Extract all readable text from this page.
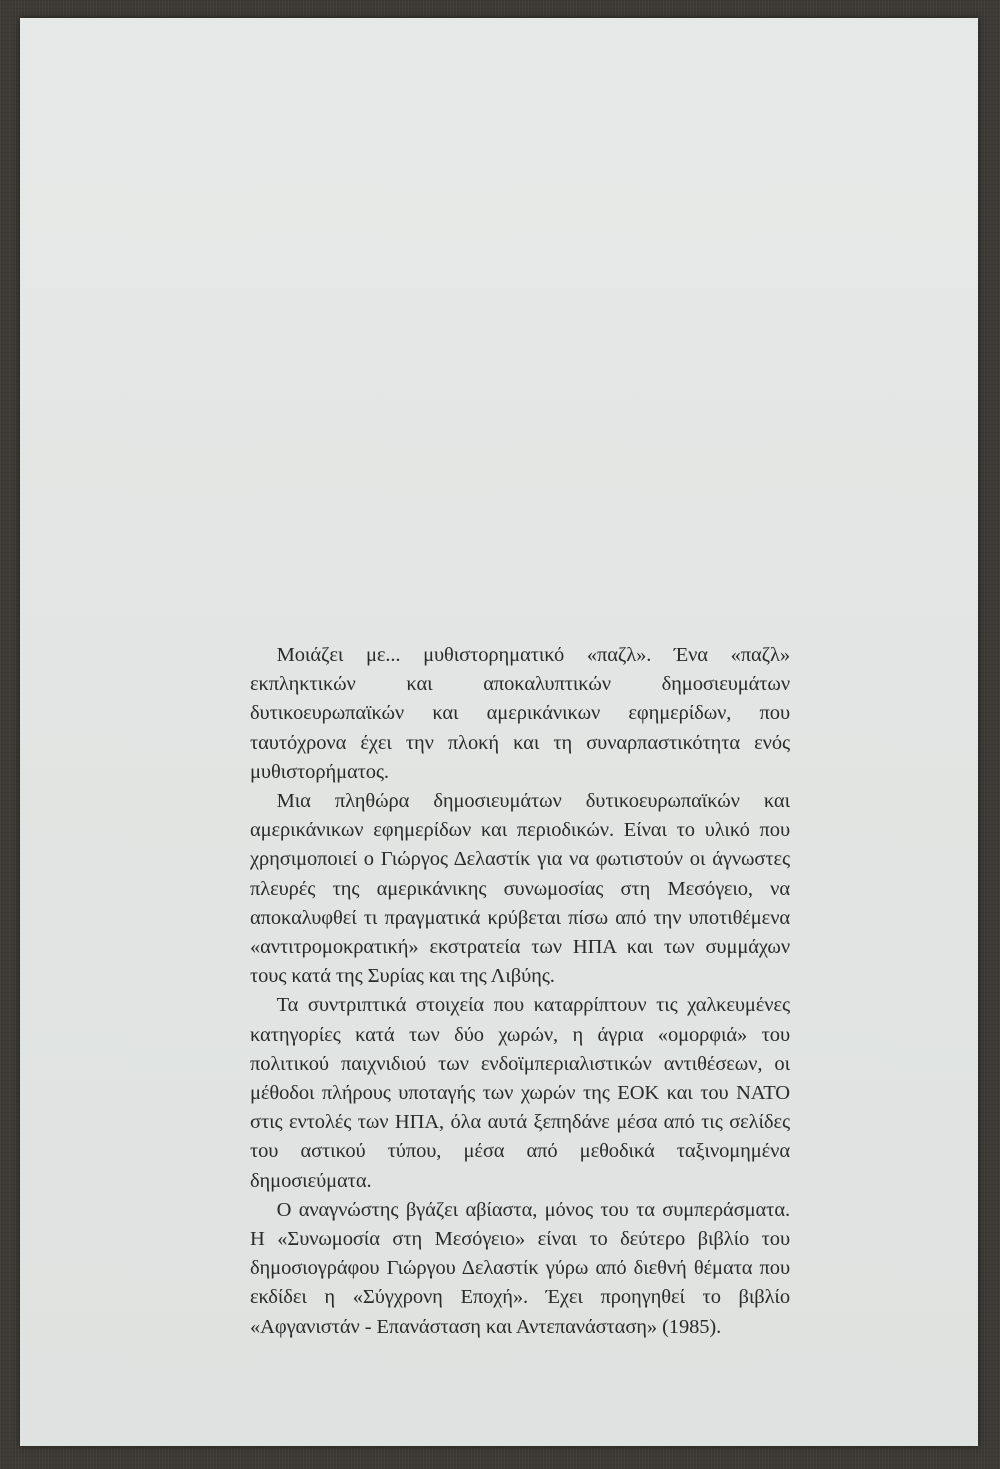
Μοιάζει με... μυθιστορηματικό «παζλ». Ένα «παζλ» εκπληκτικών και αποκαλυπτικών δημοσιευμάτων δυτικοευρωπαϊκών και αμερικάνικων εφημερίδων, που ταυτόχρονα έχει την πλοκή και τη συναρπαστικότητα ενός μυθιστορήματος.

Μια πληθώρα δημοσιευμάτων δυτικοευρωπαϊκών και αμερικάνικων εφημερίδων και περιοδικών. Είναι το υλικό που χρησιμοποιεί ο Γιώργος Δελαστίκ για να φωτιστούν οι άγνωστες πλευρές της αμερικάνικης συνωμοσίας στη Μεσόγειο, να αποκαλυφθεί τι πραγματικά κρύβεται πίσω από την υποτιθέμενα «αντιτρομοκρατική» εκστρατεία των ΗΠΑ και των συμμάχων τους κατά της Συρίας και της Λιβύης.

Τα συντριπτικά στοιχεία που καταρρίπτουν τις χαλκευμένες κατηγορίες κατά των δύο χωρών, η άγρια «ομορφιά» του πολιτικού παιχνιδιού των ενδοϊμπεριαλιστικών αντιθέσεων, οι μέθοδοι πλήρους υποταγής των χωρών της ΕΟΚ και του ΝΑΤΟ στις εντολές των ΗΠΑ, όλα αυτά ξεπηδάνε μέσα από τις σελίδες του αστικού τύπου, μέσα από μεθοδικά ταξινομημένα δημοσιεύματα.

Ο αναγνώστης βγάζει αβίαστα, μόνος του τα συμπεράσματα. Η «Συνωμοσία στη Μεσόγειο» είναι το δεύτερο βιβλίο του δημοσιογράφου Γιώργου Δελαστίκ γύρω από διεθνή θέματα που εκδίδει η «Σύγχρονη Εποχή». Έχει προηγηθεί το βιβλίο «Αφγανιστάν - Επανάσταση και Αντεπανάσταση» (1985).
